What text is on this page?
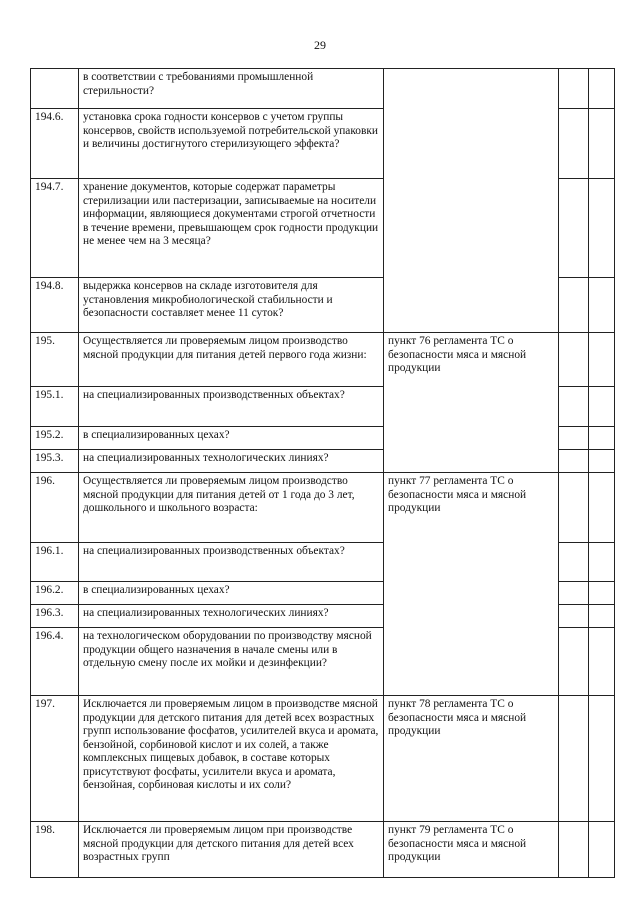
29
	в соответствии с требованиями промышленной стерильности?			
194.6.	установка срока годности консервов с учетом группы консервов, свойств используемой потребительской упаковки и величины достигнутого стерилизующего эффекта?			
194.7.	хранение документов, которые содержат параметры стерилизации или пастеризации, записываемые на носители информации, являющиеся документами строгой отчетности в течение времени, превышающем срок годности продукции не менее чем на 3 месяца?			
194.8.	выдержка консервов на складе изготовителя для установления микробиологической стабильности и безопасности составляет менее 11 суток?			
195.	Осуществляется ли проверяемым лицом производство мясной продукции для питания детей первого года жизни:	пункт 76 регламента ТС о безопасности мяса и мясной продукции		
195.1.	на специализированных производственных объектах?			
195.2.	в специализированных цехах?			
195.3.	на специализированных технологических линиях?			
196.	Осуществляется ли проверяемым лицом производство мясной продукции для питания детей от 1 года до 3 лет, дошкольного и школьного возраста:	пункт 77 регламента ТС о безопасности мяса и мясной продукции		
196.1.	на специализированных производственных объектах?			
196.2.	в специализированных цехах?			
196.3.	на специализированных технологических линиях?			
196.4.	на технологическом оборудовании по производству мясной продукции общего назначения в начале смены или в отдельную смену после их мойки и дезинфекции?			
197.	Исключается ли проверяемым лицом в производстве мясной продукции для детского питания для детей всех возрастных групп использование фосфатов, усилителей вкуса и аромата, бензойной, сорбиновой кислот и их солей, а также комплексных пищевых добавок, в составе которых присутствуют фосфаты, усилители вкуса и аромата, бензойная, сорбиновая кислоты и их соли?	пункт 78 регламента ТС о безопасности мяса и мясной продукции		
198.	Исключается ли проверяемым лицом при производстве мясной продукции для детского питания для детей всех возрастных групп	пункт 79 регламента ТС о безопасности мяса и мясной продукции		
